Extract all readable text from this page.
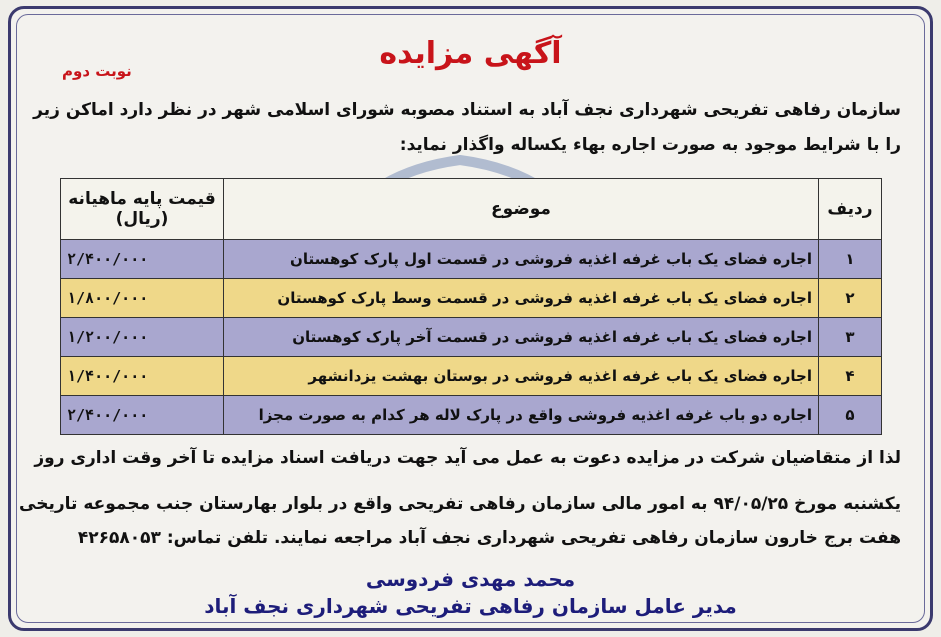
آگهی مزایده
نوبت دوم
سازمان رفاهی تفریحی شهرداری نجف آباد به استناد مصوبه شورای اسلامی شهر در نظر دارد اماکن زیر
را با شرایط موجود به صورت اجاره بهاء یکساله واگذار نماید:
ردیف	موضوع	قیمت پایه ماهیانه (ریال)
۱	اجاره فضای یک باب غرفه اغذیه فروشی در قسمت اول پارک کوهستان	۲/۴۰۰/۰۰۰
۲	اجاره فضای یک باب غرفه اغذیه فروشی در قسمت وسط پارک کوهستان	۱/۸۰۰/۰۰۰
۳	اجاره فضای یک باب غرفه اغذیه فروشی در قسمت آخر پارک کوهستان	۱/۲۰۰/۰۰۰
۴	اجاره فضای یک باب غرفه اغذیه فروشی در بوستان بهشت یزدانشهر	۱/۴۰۰/۰۰۰
۵	اجاره دو باب غرفه اغذیه فروشی واقع در پارک لاله هر کدام به صورت مجزا	۲/۴۰۰/۰۰۰
لذا از متقاضیان شرکت در مزایده دعوت به عمل می آید جهت دریافت اسناد مزایده تا آخر وقت اداری روز
یکشنبه مورخ ۹۴/۰۵/۲۵ به امور مالی سازمان رفاهی تفریحی واقع در بلوار بهارستان جنب مجموعه تاریخی
هفت برج خارون سازمان رفاهی تفریحی شهرداری نجف آباد مراجعه نمایند. تلفن تماس: ۴۲۶۵۸۰۵۳
محمد مهدی فردوسی
مدیر عامل سازمان رفاهی تفریحی شهرداری نجف آباد
